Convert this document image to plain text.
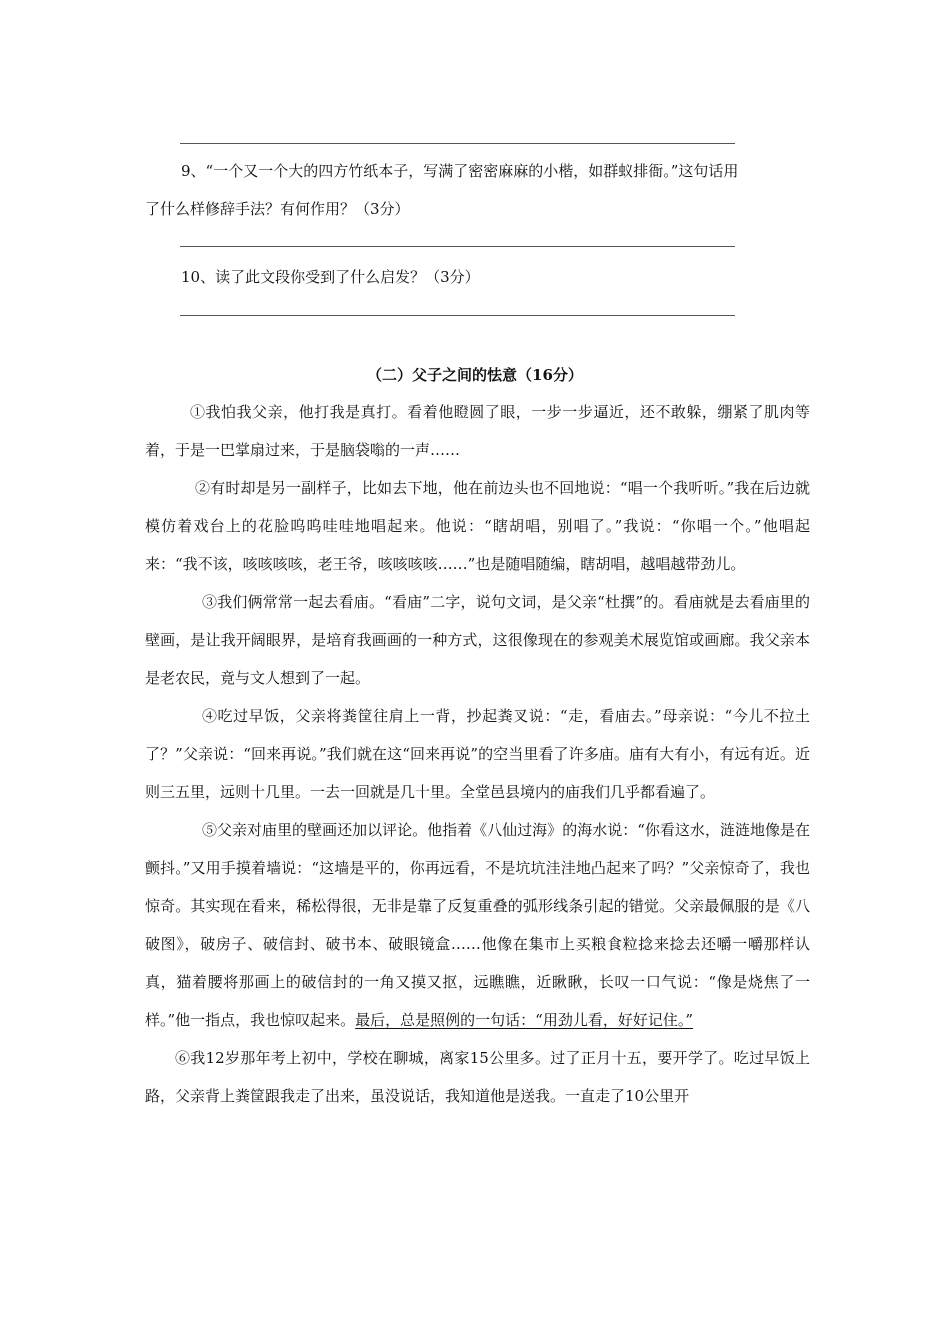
9、“一个又一个大的四方竹纸本子，写满了密密麻麻的小楷，如群蚁排衙。”这句话用

了什么样修辞手法？有何作用？（3分）

10、读了此文段你受到了什么启发？（3分）

（二）父子之间的怯意（16分）

①我怕我父亲，他打我是真打。看着他瞪圆了眼，一步一步逼近，还不敢躲，绷紧了肌肉等着，于是一巴掌扇过来，于是脑袋嗡的一声……

②有时却是另一副样子，比如去下地，他在前边头也不回地说：“唱一个我听听。”我在后边就模仿着戏台上的花脸呜呜哇哇地唱起来。他说：“瞎胡唱，别唱了。”我说：“你唱一个。”他唱起来：“我不该，咳咳咳咳，老王爷，咳咳咳咳……”也是随唱随编，瞎胡唱，越唱越带劲儿。

③我们俩常常一起去看庙。“看庙”二字，说句文词，是父亲“杜撰”的。看庙就是去看庙里的壁画，是让我开阔眼界，是培育我画画的一种方式，这很像现在的参观美术展览馆或画廊。我父亲本是老农民，竟与文人想到了一起。

④吃过早饭，父亲将粪筐往肩上一背，抄起粪叉说：“走，看庙去。”母亲说：“今儿不拉土了？”父亲说：“回来再说。”我们就在这“回来再说”的空当里看了许多庙。庙有大有小，有远有近。近则三五里，远则十几里。一去一回就是几十里。全堂邑县境内的庙我们几乎都看遍了。

⑤父亲对庙里的壁画还加以评论。他指着《八仙过海》的海水说：“你看这水，涟涟地像是在颤抖。”又用手摸着墙说：“这墙是平的，你再远看，不是坑坑洼洼地凸起来了吗？”父亲惊奇了，我也惊奇。其实现在看来，稀松得很，无非是靠了反复重叠的弧形线条引起的错觉。父亲最佩服的是《八破图》，破房子、破信封、破书本、破眼镜盒……他像在集市上买粮食粒捻来捻去还嚼一嚼那样认真，猫着腰将那画上的破信封的一角又摸又抠，远瞧瞧，近瞅瞅，长叹一口气说：“像是烧焦了一样。”他一指点，我也惊叹起来。最后，总是照例的一句话：“用劲儿看，好好记住。”

⑥我12岁那年考上初中，学校在聊城，离家15公里多。过了正月十五，要开学了。吃过早饭上路，父亲背上粪筐跟我走了出来，虽没说话，我知道他是送我。一直走了10公里开
